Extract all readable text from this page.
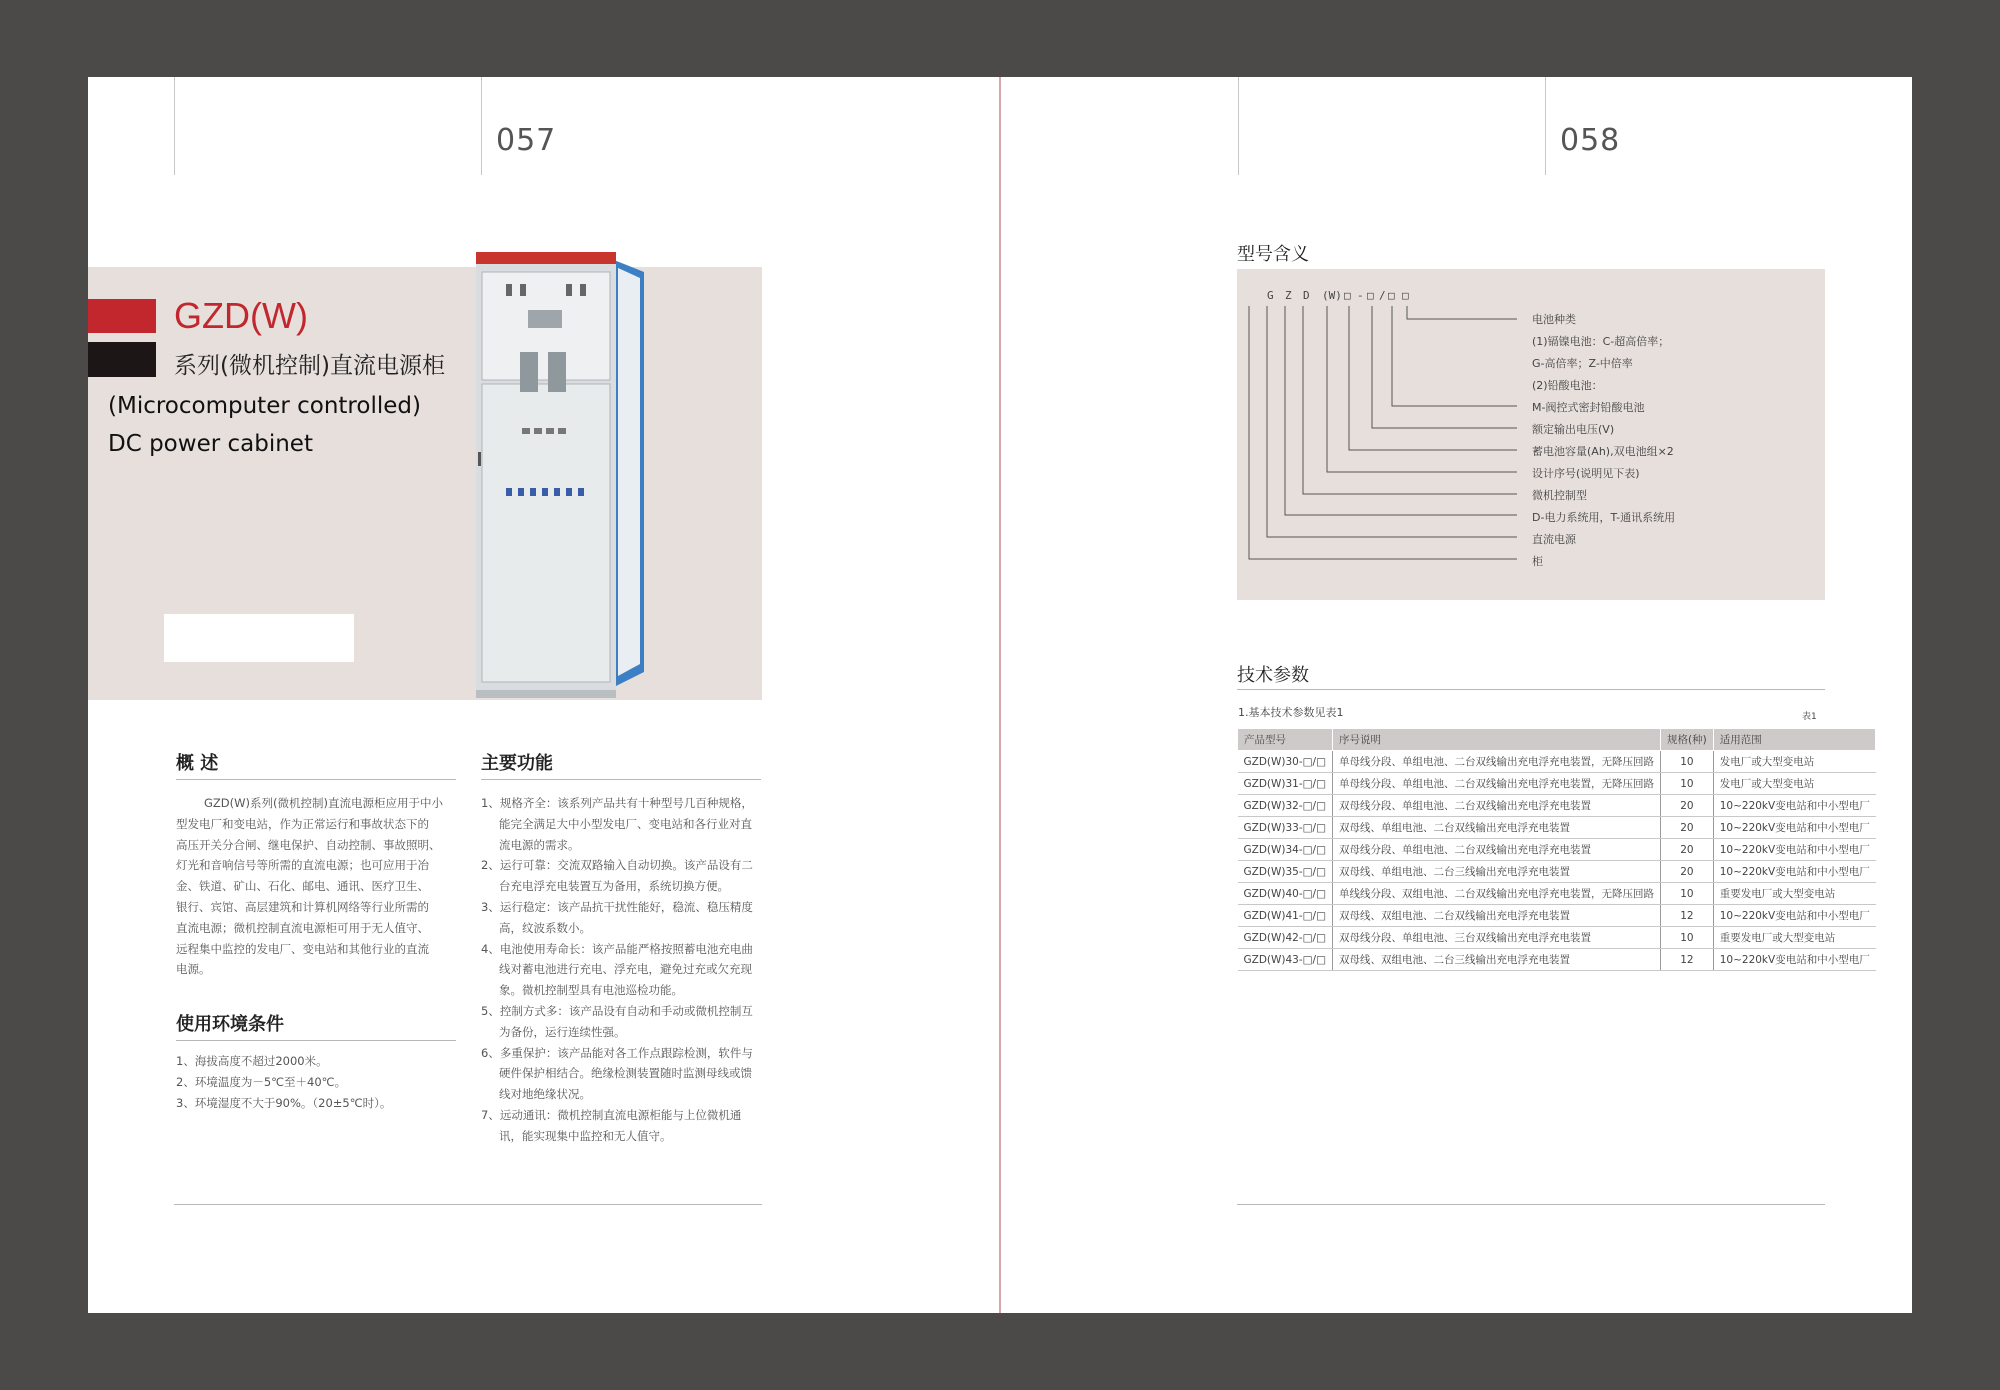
057
GZD(W)
系列(微机控制)直流电源柜
(Microcomputer controlled)
DC power cabinet
概 述
GZD(W)系列(微机控制)直流电源柜应用于中小
型发电厂和变电站，作为正常运行和事故状态下的
高压开关分合闸、继电保护、自动控制、事故照明、
灯光和音响信号等所需的直流电源；也可应用于冶
金、铁道、矿山、石化、邮电、通讯、医疗卫生、
银行、宾馆、高层建筑和计算机网络等行业所需的
直流电源；微机控制直流电源柜可用于无人值守、
远程集中监控的发电厂、变电站和其他行业的直流
电源。
使用环境条件
1、海拔高度不超过2000米。
2、环境温度为－5℃至＋40℃。
3、环境湿度不大于90%。（20±5℃时）。
主要功能
1、规格齐全：该系列产品共有十种型号几百种规格，能完全满足大中小型发电厂、变电站和各行业对直流电源的需求。
2、运行可靠：交流双路输入自动切换。该产品设有二台充电浮充电装置互为备用，系统切换方便。
3、运行稳定：该产品抗干扰性能好，稳流、稳压精度高，纹波系数小。
4、电池使用寿命长：该产品能严格按照蓄电池充电曲线对蓄电池进行充电、浮充电，避免过充或欠充现象。微机控制型具有电池巡检功能。
5、控制方式多：该产品设有自动和手动或微机控制互为备份，运行连续性强。
6、多重保护：该产品能对各工作点跟踪检测，软件与硬件保护相结合。绝缘检测装置随时监测母线或馈线对地绝缘状况。
7、远动通讯：微机控制直流电源柜能与上位微机通讯，能实现集中监控和无人值守。
058
型号含义
G Z D (W) □ - □ / □ □
电池种类
(1)镉镍电池：C-超高倍率；
G-高倍率；Z-中倍率
(2)铅酸电池：
M-阀控式密封铅酸电池
额定输出电压(V)
蓄电池容量(Ah),双电池组×2
设计序号(说明见下表)
微机控制型
D-电力系统用，T-通讯系统用
直流电源
柜
技术参数
1.基本技术参数见表1	表1
产品型号	序号说明	规格(种)	适用范围
GZD(W)30-□/□	单母线分段、单组电池、二台双线输出充电浮充电装置，无降压回路	10	发电厂或大型变电站
GZD(W)31-□/□	单母线分段、单组电池、二台双线输出充电浮充电装置，无降压回路	10	发电厂或大型变电站
GZD(W)32-□/□	双母线分段、单组电池、二台双线输出充电浮充电装置	20	10~220kV变电站和中小型电厂
GZD(W)33-□/□	双母线、单组电池、二台双线输出充电浮充电装置	20	10~220kV变电站和中小型电厂
GZD(W)34-□/□	双母线分段、单组电池、二台双线输出充电浮充电装置	20	10~220kV变电站和中小型电厂
GZD(W)35-□/□	双母线、单组电池、二台三线输出充电浮充电装置	20	10~220kV变电站和中小型电厂
GZD(W)40-□/□	单线线分段、双组电池、二台双线输出充电浮充电装置，无降压回路	10	重要发电厂或大型变电站
GZD(W)41-□/□	双母线、双组电池、二台双线输出充电浮充电装置	12	10~220kV变电站和中小型电厂
GZD(W)42-□/□	双母线分段、单组电池、三台双线输出充电浮充电装置	10	重要发电厂或大型变电站
GZD(W)43-□/□	双母线、双组电池、二台三线输出充电浮充电装置	12	10~220kV变电站和中小型电厂
